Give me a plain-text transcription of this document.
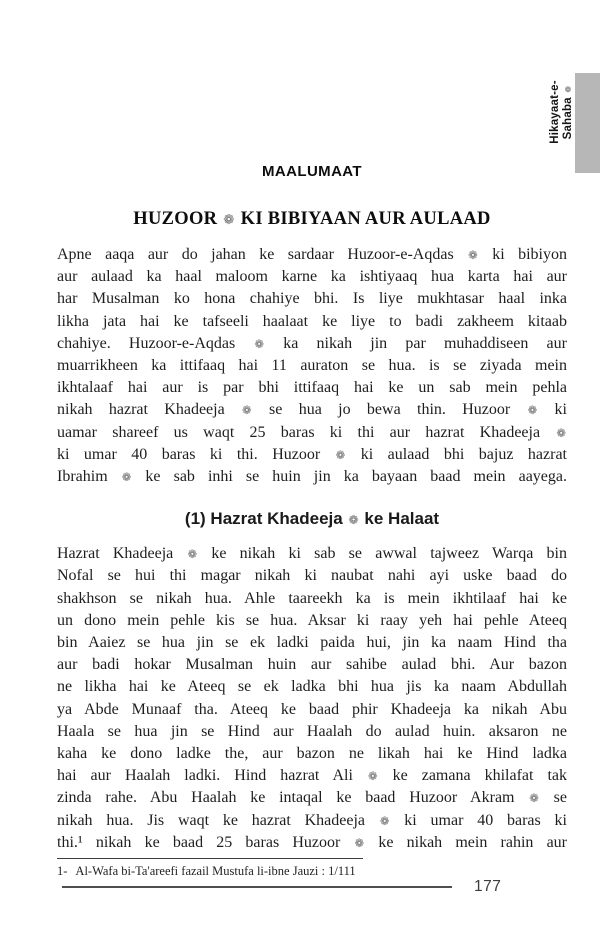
MAALUMAAT
HUZOOR ❁ KI BIBIYAAN AUR AULAAD
Apne aaqa aur do jahan ke sardaar Huzoor-e-Aqdas ❁ ki bibiyon
aur aulaad ka haal maloom karne ka ishtiyaaq hua karta hai aur
har Musalman ko hona chahiye bhi. Is liye mukhtasar haal inka
likha jata hai ke tafseeli haalaat ke liye to badi zakheem kitaab
chahiye. Huzoor-e-Aqdas ❁ ka nikah jin par muhaddiseen aur
muarrikheen ka ittifaaq hai 11 auraton se hua. is se ziyada mein
ikhtalaaf hai aur is par bhi ittifaaq hai ke un sab mein pehla
nikah hazrat Khadeeja ❁ se hua jo bewa thin. Huzoor ❁ ki
uamar shareef us waqt 25 baras ki thi aur hazrat Khadeeja ❁
ki umar 40 baras ki thi. Huzoor ❁ ki aulaad bhi bajuz hazrat
Ibrahim ❁ ke sab inhi se huin jin ka bayaan baad mein aayega.
(1) Hazrat Khadeeja ❁ ke Halaat
Hazrat Khadeeja ❁ ke nikah ki sab se awwal tajweez Warqa bin
Nofal se hui thi magar nikah ki naubat nahi ayi uske baad do
shakhson se nikah hua. Ahle taareekh ka is mein ikhtilaaf hai ke
un dono mein pehle kis se hua. Aksar ki raay yeh hai pehle Ateeq
bin Aaiez se hua jin se ek ladki paida hui, jin ka naam Hind tha
aur badi hokar Musalman huin aur sahibe aulad bhi. Aur bazon
ne likha hai ke Ateeq se ek ladka bhi hua jis ka naam Abdullah
ya Abde Munaaf tha. Ateeq ke baad phir Khadeeja ka nikah Abu
Haala se hua jin se Hind aur Haalah do aulad huin. aksaron ne
kaha ke dono ladke the, aur bazon ne likah hai ke Hind ladka
hai aur Haalah ladki. Hind hazrat Ali ❁ ke zamana khilafat tak
zinda rahe. Abu Haalah ke intaqal ke baad Huzoor Akram ❁ se
nikah hua. Jis waqt ke hazrat Khadeeja ❁ ki umar 40 baras ki
thi.¹ nikah ke baad 25 baras Huzoor ❁ ke nikah mein rahin aur
1- Al-Wafa bi-Ta'areefi fazail Mustufa li-ibne Jauzi : 1/111
Hikayaat-e- Sahaba ❁
177
